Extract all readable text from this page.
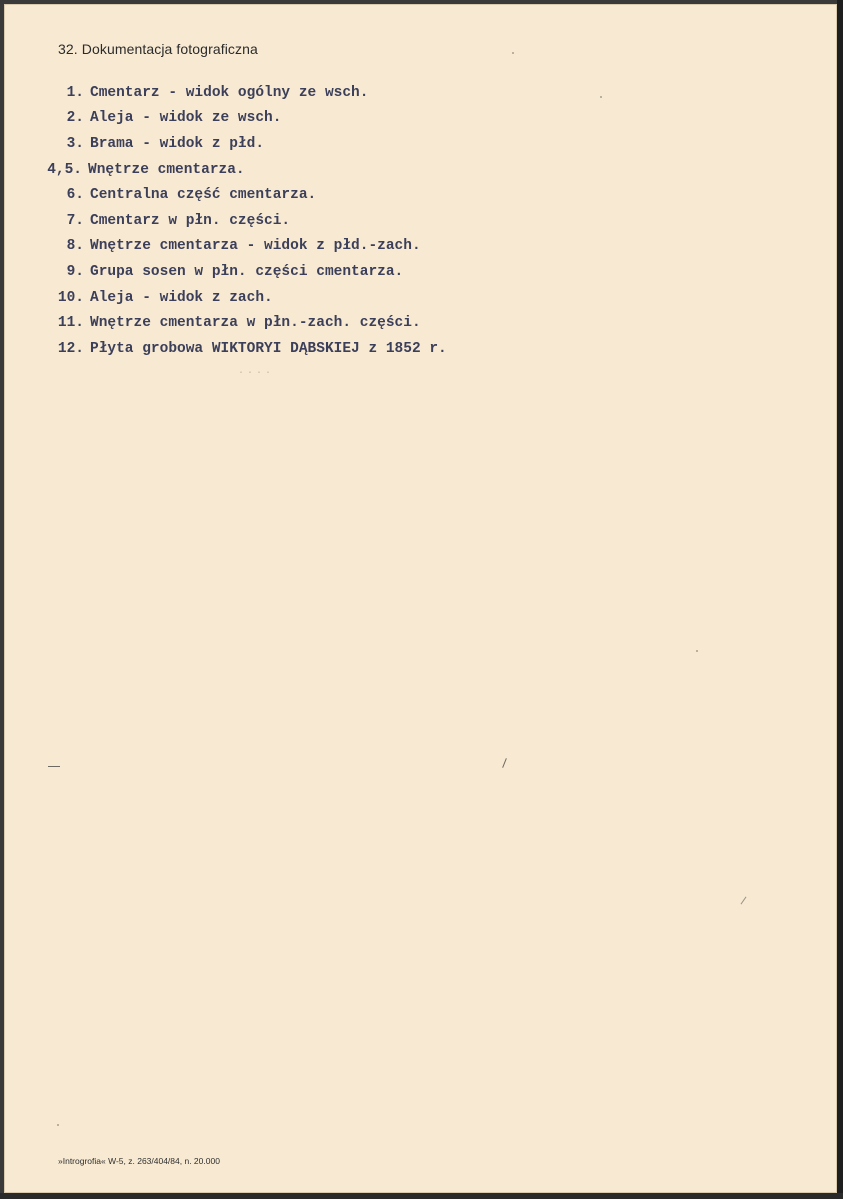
32. Dokumentacja fotograficzna
1. Cmentarz - widok ogólny ze wsch.
2. Aleja - widok ze wsch.
3. Brama - widok z płd.
4,5. Wnętrze cmentarza.
6. Centralna część cmentarza.
7. Cmentarz w płn. części.
8. Wnętrze cmentarza - widok z płd.-zach.
9. Grupa sosen w płn. części cmentarza.
10. Aleja - widok z zach.
11. Wnętrze cmentarza w płn.-zach. części.
12. Płyta grobowa WIKTORYI DĄBSKIEJ z 1852 r.
....
»Introgrofia« W-5, z. 263/404/84, n. 20.000
